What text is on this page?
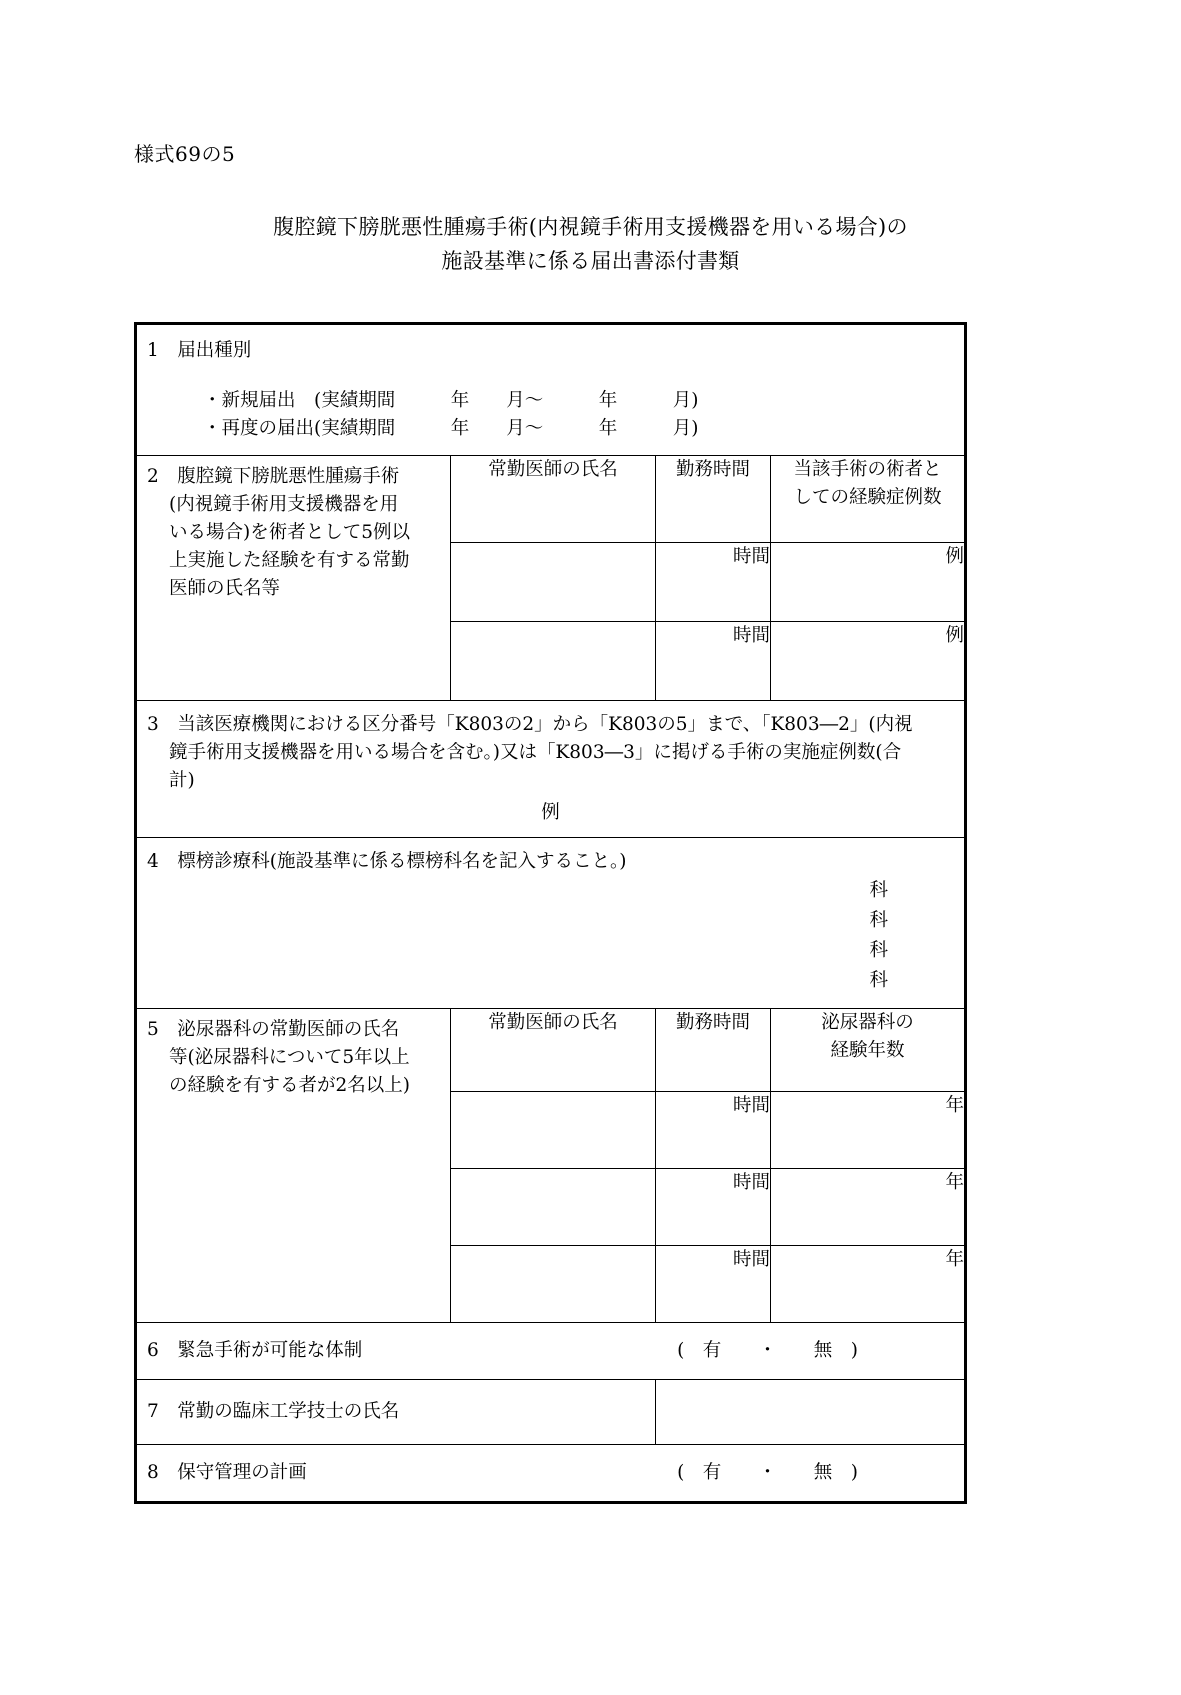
様式69の5
腹腔鏡下膀胱悪性腫瘍手術(内視鏡手術用支援機器を用いる場合)の
施設基準に係る届出書添付書類
1　届出種別
・新規届出　(実績期間　　　年　　月～　　　年　　　月)
・再度の届出(実績期間　　　年　　月～　　　年　　　月)			

2　腹腔鏡下膀胱悪性腫瘍手術
(内視鏡手術用支援機器を用
いる場合)を術者として5例以
上実施した経験を有する常勤
医師の氏名等	常勤医師の氏名	勤務時間	当該手術の術者と
しての経験症例数
		時間	例
		時間	例

3　当該医療機関における区分番号「K803の2」から「K803の5」まで、「K803―2」(内視
鏡手術用支援機器を用いる場合を含む。)又は「K803―3」に掲げる手術の実施症例数(合
計)
例			

4　標榜診療科(施設基準に係る標榜科名を記入すること。)
科
科
科
科			

5　泌尿器科の常勤医師の氏名
等(泌尿器科について5年以上
の経験を有する者が2名以上)	常勤医師の氏名	勤務時間	泌尿器科の
経験年数
		時間	年
		時間	年
		時間	年

6　緊急手術が可能な体制 (　有　　・　　無　)			

7　常勤の臨床工学技士の氏名			

8　保守管理の計画 (　有　　・　　無　)			
